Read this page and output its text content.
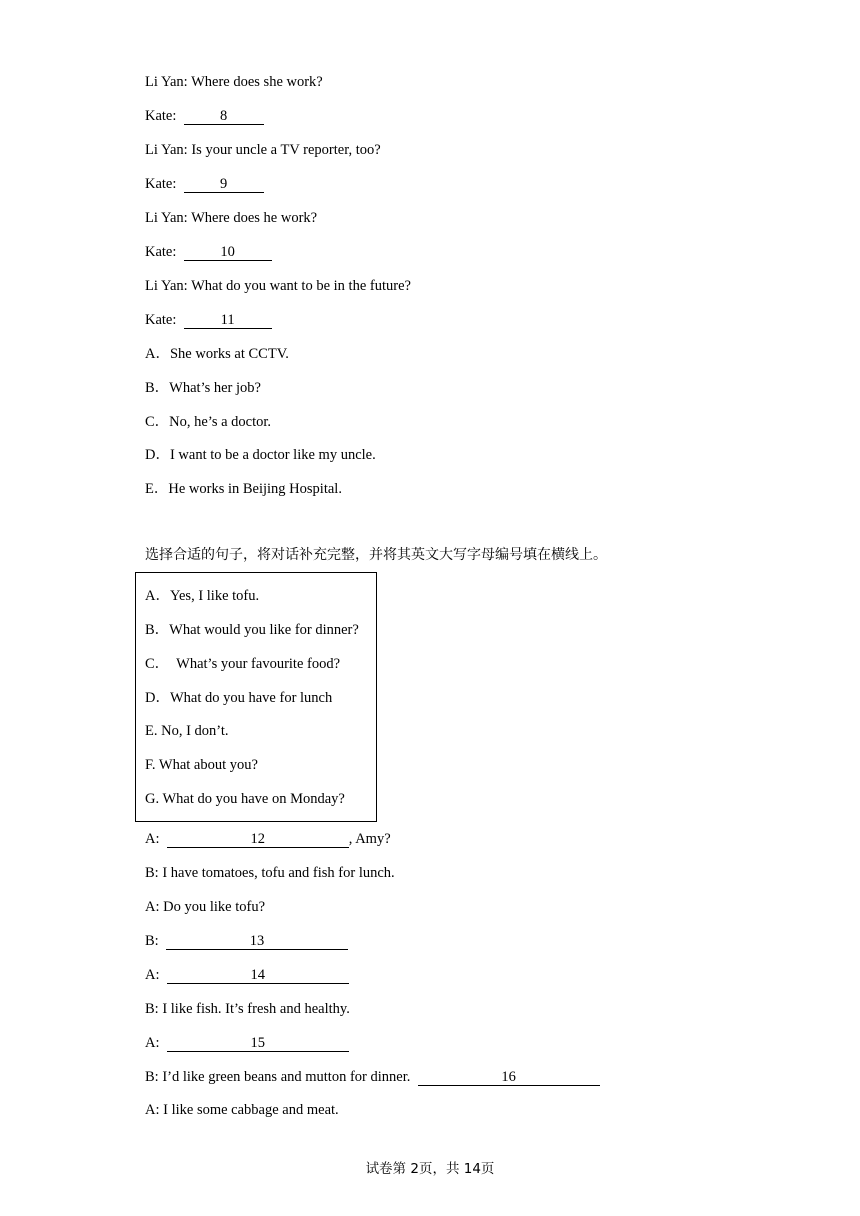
Li Yan: Where does she work?
Kate:	8
Li Yan: Is your uncle a TV reporter, too?
Kate:	9
Li Yan: Where does he work?
Kate:	10
Li Yan: What do you want to be in the future?
Kate:	11
A．She works at CCTV.
B．What’s her job?
C．No, he’s a doctor.
D．I want to be a doctor like my uncle.
E．He works in Beijing Hospital.
选择合适的句子，将对话补充完整，并将其英文大写字母编号填在横线上。
A．Yes, I like tofu.
B．What would you like for dinner?
C．  What’s your favourite food?
D．What do you have for lunch
E. No, I don’t.
F. What about you?
G. What do you have on Monday?
A:	12	, Amy?
B: I have tomatoes, tofu and fish for lunch.
A: Do you like tofu?
B:	13
A:	14
B: I like fish. It’s fresh and healthy.
A:	15
B: I’d like green beans and mutton for dinner.	16
A: I like some cabbage and meat.
试卷第 2页，共 14页
